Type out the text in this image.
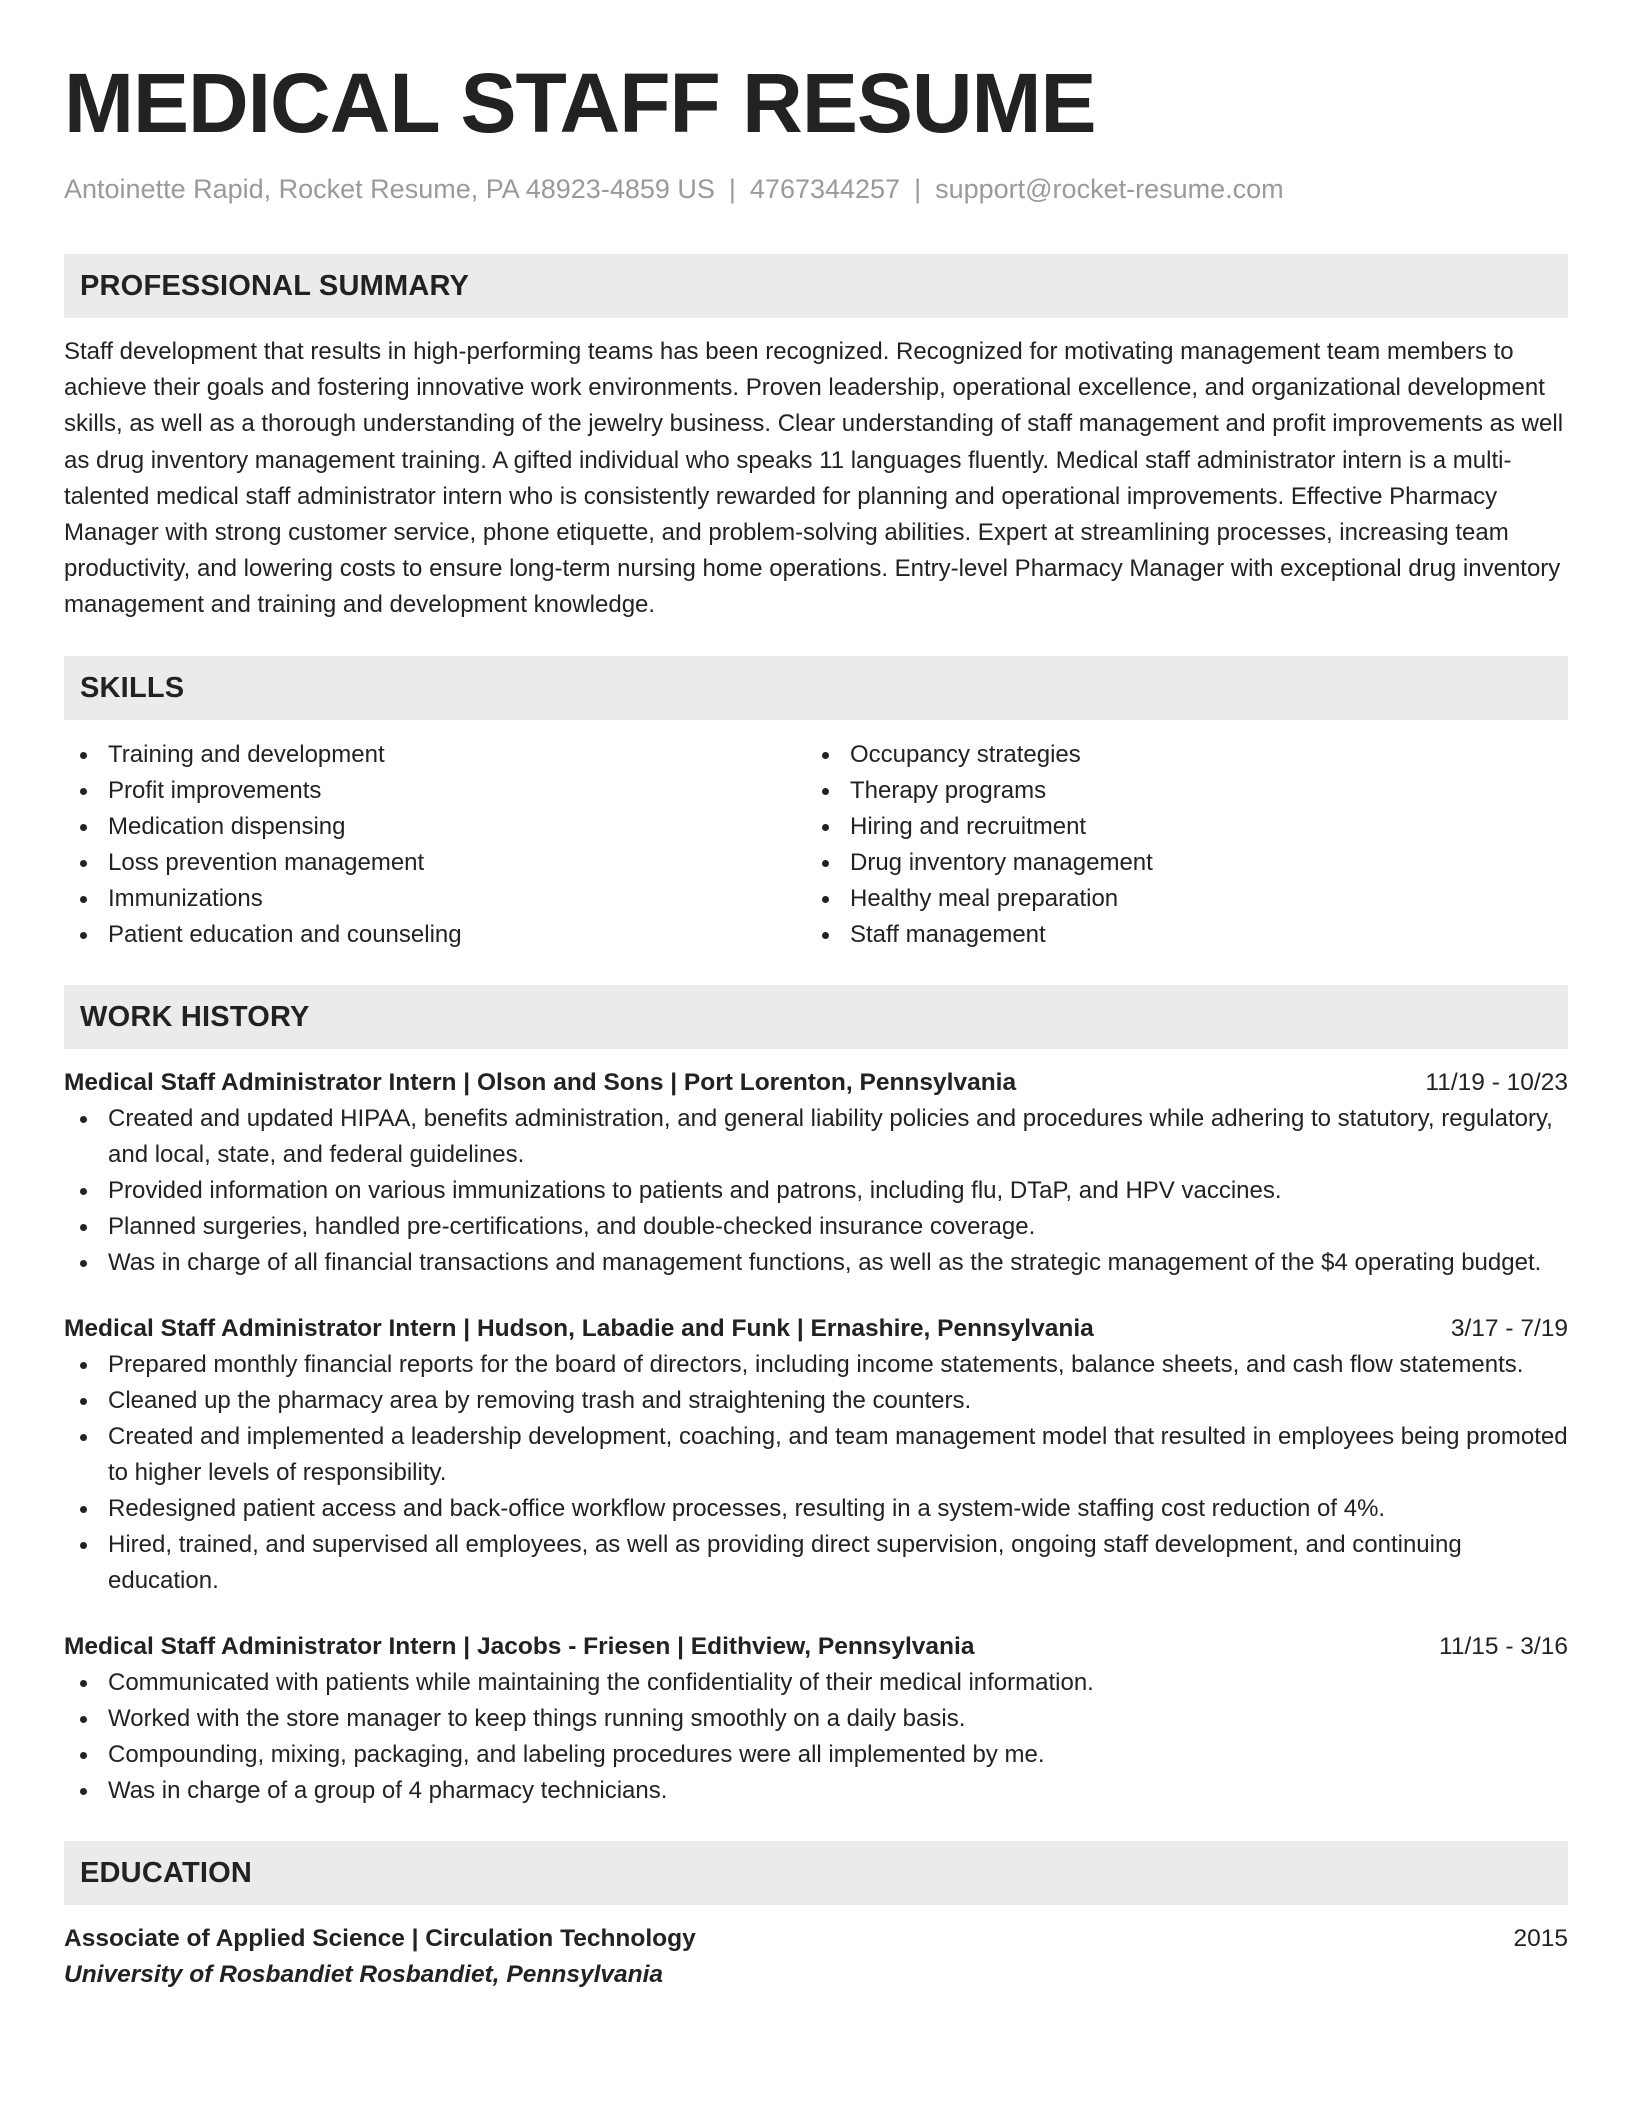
MEDICAL STAFF RESUME
Antoinette Rapid, Rocket Resume, PA 48923-4859 US | 4767344257 | support@rocket-resume.com
PROFESSIONAL SUMMARY

Staff development that results in high-performing teams has been recognized. Recognized for motivating management team members to achieve their goals and fostering innovative work environments. Proven leadership, operational excellence, and organizational development skills, as well as a thorough understanding of the jewelry business. Clear understanding of staff management and profit improvements as well as drug inventory management training. A gifted individual who speaks 11 languages fluently. Medical staff administrator intern is a multi-talented medical staff administrator intern who is consistently rewarded for planning and operational improvements. Effective Pharmacy Manager with strong customer service, phone etiquette, and problem-solving abilities. Expert at streamlining processes, increasing team productivity, and lowering costs to ensure long-term nursing home operations. Entry-level Pharmacy Manager with exceptional drug inventory management and training and development knowledge.

SKILLS
Training and development
Profit improvements
Medication dispensing
Loss prevention management
Immunizations
Patient education and counseling
Occupancy strategies
Therapy programs
Hiring and recruitment
Drug inventory management
Healthy meal preparation
Staff management
WORK HISTORY
Medical Staff Administrator Intern | Olson and Sons | Port Lorenton, Pennsylvania	11/19 - 10/23
Created and updated HIPAA, benefits administration, and general liability policies and procedures while adhering to statutory, regulatory, and local, state, and federal guidelines.
Provided information on various immunizations to patients and patrons, including flu, DTaP, and HPV vaccines.
Planned surgeries, handled pre-certifications, and double-checked insurance coverage.
Was in charge of all financial transactions and management functions, as well as the strategic management of the $4 operating budget.
Medical Staff Administrator Intern | Hudson, Labadie and Funk | Ernashire, Pennsylvania	3/17 - 7/19
Prepared monthly financial reports for the board of directors, including income statements, balance sheets, and cash flow statements.
Cleaned up the pharmacy area by removing trash and straightening the counters.
Created and implemented a leadership development, coaching, and team management model that resulted in employees being promoted to higher levels of responsibility.
Redesigned patient access and back-office workflow processes, resulting in a system-wide staffing cost reduction of 4%.
Hired, trained, and supervised all employees, as well as providing direct supervision, ongoing staff development, and continuing education.
Medical Staff Administrator Intern | Jacobs - Friesen | Edithview, Pennsylvania	11/15 - 3/16
Communicated with patients while maintaining the confidentiality of their medical information.
Worked with the store manager to keep things running smoothly on a daily basis.
Compounding, mixing, packaging, and labeling procedures were all implemented by me.
Was in charge of a group of 4 pharmacy technicians.
EDUCATION
Associate of Applied Science | Circulation Technology	2015
University of Rosbandiet Rosbandiet, Pennsylvania
